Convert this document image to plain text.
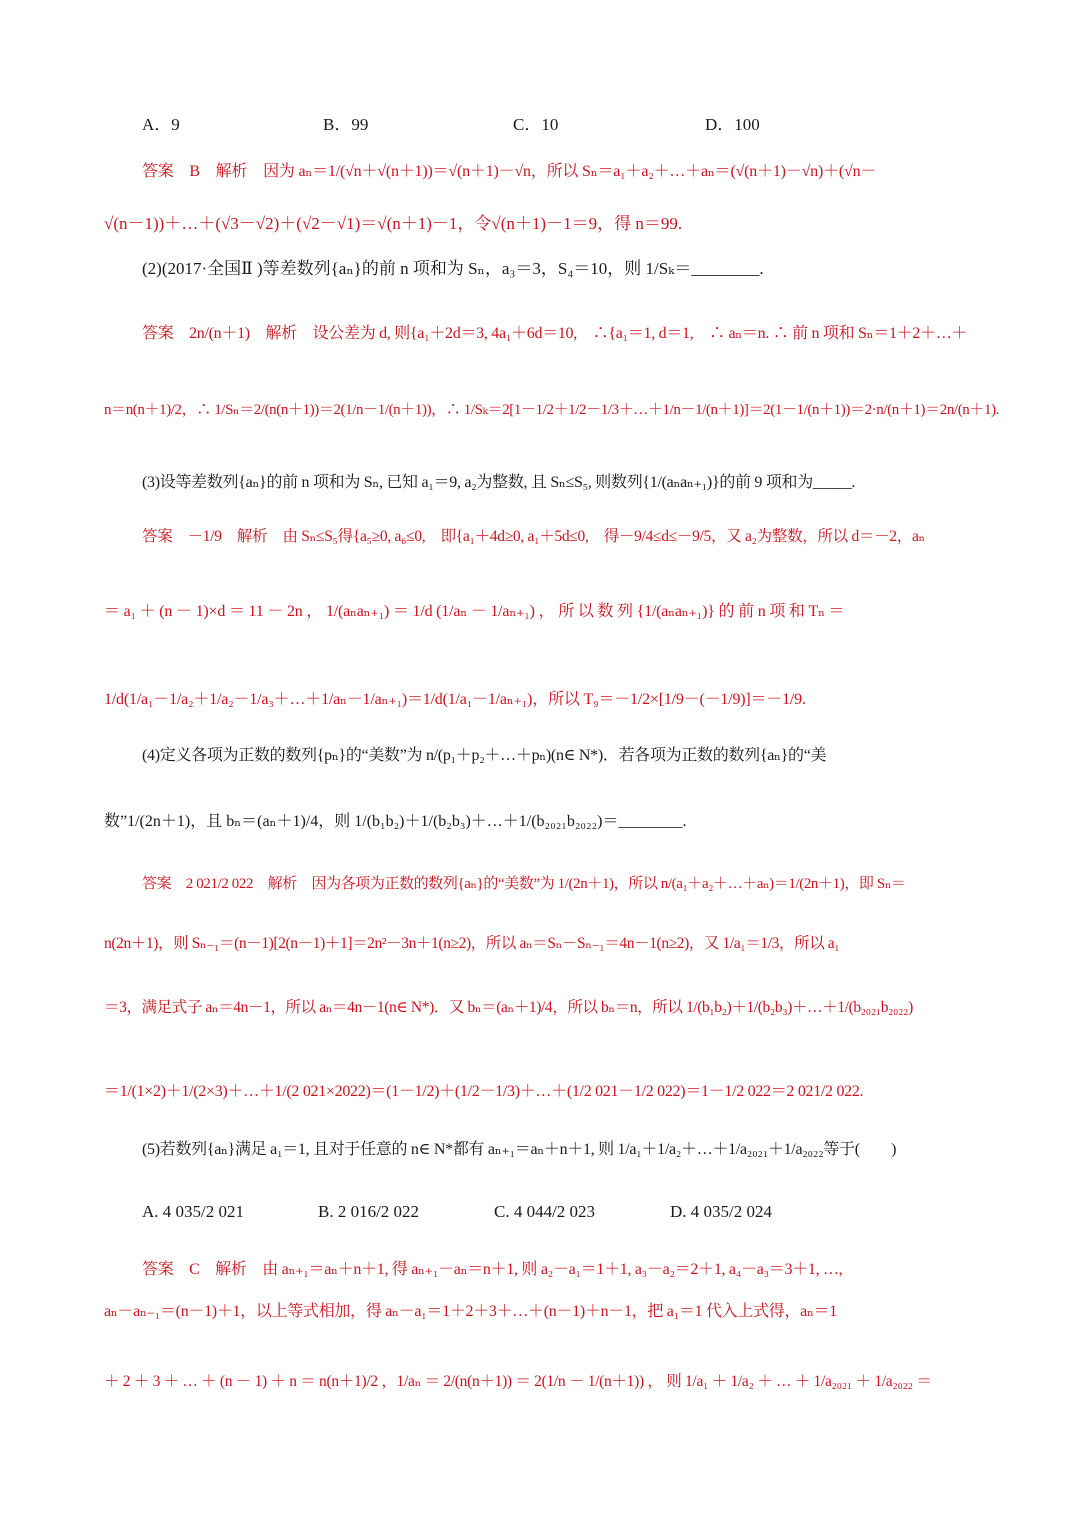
A．9	B．99	C．10	D．100
答案　B　解析　因为 aₙ＝1/(√n＋√(n＋1))＝√(n＋1)－√n，所以 Sₙ＝a₁＋a₂＋…＋aₙ＝(√(n＋1)－√n)＋(√n－
√(n－1))＋…＋(√3－√2)＋(√2－√1)＝√(n＋1)－1，令√(n＋1)－1＝9，得 n＝99.
(2)(2017·全国Ⅱ )等差数列{aₙ}的前 n 项和为 Sₙ，a₃＝3，S₄＝10，则 1/Sₖ＝________.
答案　2n/(n＋1)　解析　设公差为 d, 则{a₁＋2d＝3, 4a₁＋6d＝10,　∴{a₁＝1, d＝1,　∴ aₙ＝n. ∴ 前 n 项和 Sₙ＝1＋2＋…＋
n＝n(n＋1)/2，∴ 1/Sₙ＝2/(n(n＋1))＝2(1/n－1/(n＋1))，∴ 1/Sₖ＝2[1－1/2＋1/2－1/3＋…＋1/n－1/(n＋1)]＝2(1－1/(n＋1))＝2·n/(n＋1)＝2n/(n＋1).
(3)设等差数列{aₙ}的前 n 项和为 Sₙ, 已知 a₁＝9, a₂为整数, 且 Sₙ≤S₅, 则数列{1/(aₙaₙ₊₁)}的前 9 项和为_____.
答案　－1/9　解析　由 Sₙ≤S₅得{a₅≥0, a₆≤0,　即{a₁＋4d≥0, a₁＋5d≤0,　得－9/4≤d≤－9/5，又 a₂为整数，所以 d＝－2，aₙ
＝ a₁ ＋ (n － 1)×d ＝ 11 － 2n ， 1/(aₙaₙ₊₁) ＝ 1/d (1/aₙ － 1/aₙ₊₁) ， 所 以 数 列 {1/(aₙaₙ₊₁)} 的 前 n 项 和 Tₙ ＝
1/d(1/a₁－1/a₂＋1/a₂－1/a₃＋…＋1/aₙ－1/aₙ₊₁)＝1/d(1/a₁－1/aₙ₊₁)，所以 T₉＝－1/2×[1/9－(－1/9)]＝－1/9.
(4)定义各项为正数的数列{pₙ}的“美数”为 n/(p₁＋p₂＋…＋pₙ)(n∈ N*)．若各项为正数的数列{aₙ}的“美
数”1/(2n＋1)，且 bₙ＝(aₙ＋1)/4，则 1/(b₁b₂)＋1/(b₂b₃)＋…＋1/(b₂₀₂₁b₂₀₂₂)＝________.
答案　2 021/2 022　解析　因为各项为正数的数列{aₙ}的“美数”为 1/(2n＋1)，所以 n/(a₁＋a₂＋…＋aₙ)＝1/(2n＋1)，即 Sₙ＝
n(2n＋1)，则 Sₙ₋₁＝(n－1)[2(n－1)＋1]＝2n²－3n＋1(n≥2)，所以 aₙ＝Sₙ－Sₙ₋₁＝4n－1(n≥2)，又 1/a₁＝1/3，所以 a₁
＝3，满足式子 aₙ＝4n－1，所以 aₙ＝4n－1(n∈ N*)．又 bₙ＝(aₙ＋1)/4，所以 bₙ＝n，所以 1/(b₁b₂)＋1/(b₂b₃)＋…＋1/(b₂₀₂₁b₂₀₂₂)
＝1/(1×2)＋1/(2×3)＋…＋1/(2 021×2022)＝(1－1/2)＋(1/2－1/3)＋…＋(1/2 021－1/2 022)＝1－1/2 022＝2 021/2 022.
(5)若数列{aₙ}满足 a₁＝1, 且对于任意的 n∈ N*都有 aₙ₊₁＝aₙ＋n＋1, 则 1/a₁＋1/a₂＋…＋1/a₂₀₂₁＋1/a₂₀₂₂等于(　　)
A. 4 035/2 021	B. 2 016/2 022	C. 4 044/2 023	D. 4 035/2 024
答案　C　解析　由 aₙ₊₁＝aₙ＋n＋1, 得 aₙ₊₁－aₙ＝n＋1, 则 a₂－a₁＝1＋1, a₃－a₂＝2＋1, a₄－a₃＝3＋1, …,
aₙ－aₙ₋₁＝(n－1)＋1，以上等式相加，得 aₙ－a₁＝1＋2＋3＋…＋(n－1)＋n－1，把 a₁＝1 代入上式得，aₙ＝1
＋ 2 ＋ 3 ＋ … ＋ (n － 1) ＋ n ＝ n(n＋1)/2 ，1/aₙ ＝ 2/(n(n＋1)) ＝ 2(1/n － 1/(n＋1)) ， 则 1/a₁ ＋ 1/a₂ ＋ … ＋ 1/a₂₀₂₁ ＋ 1/a₂₀₂₂ ＝
